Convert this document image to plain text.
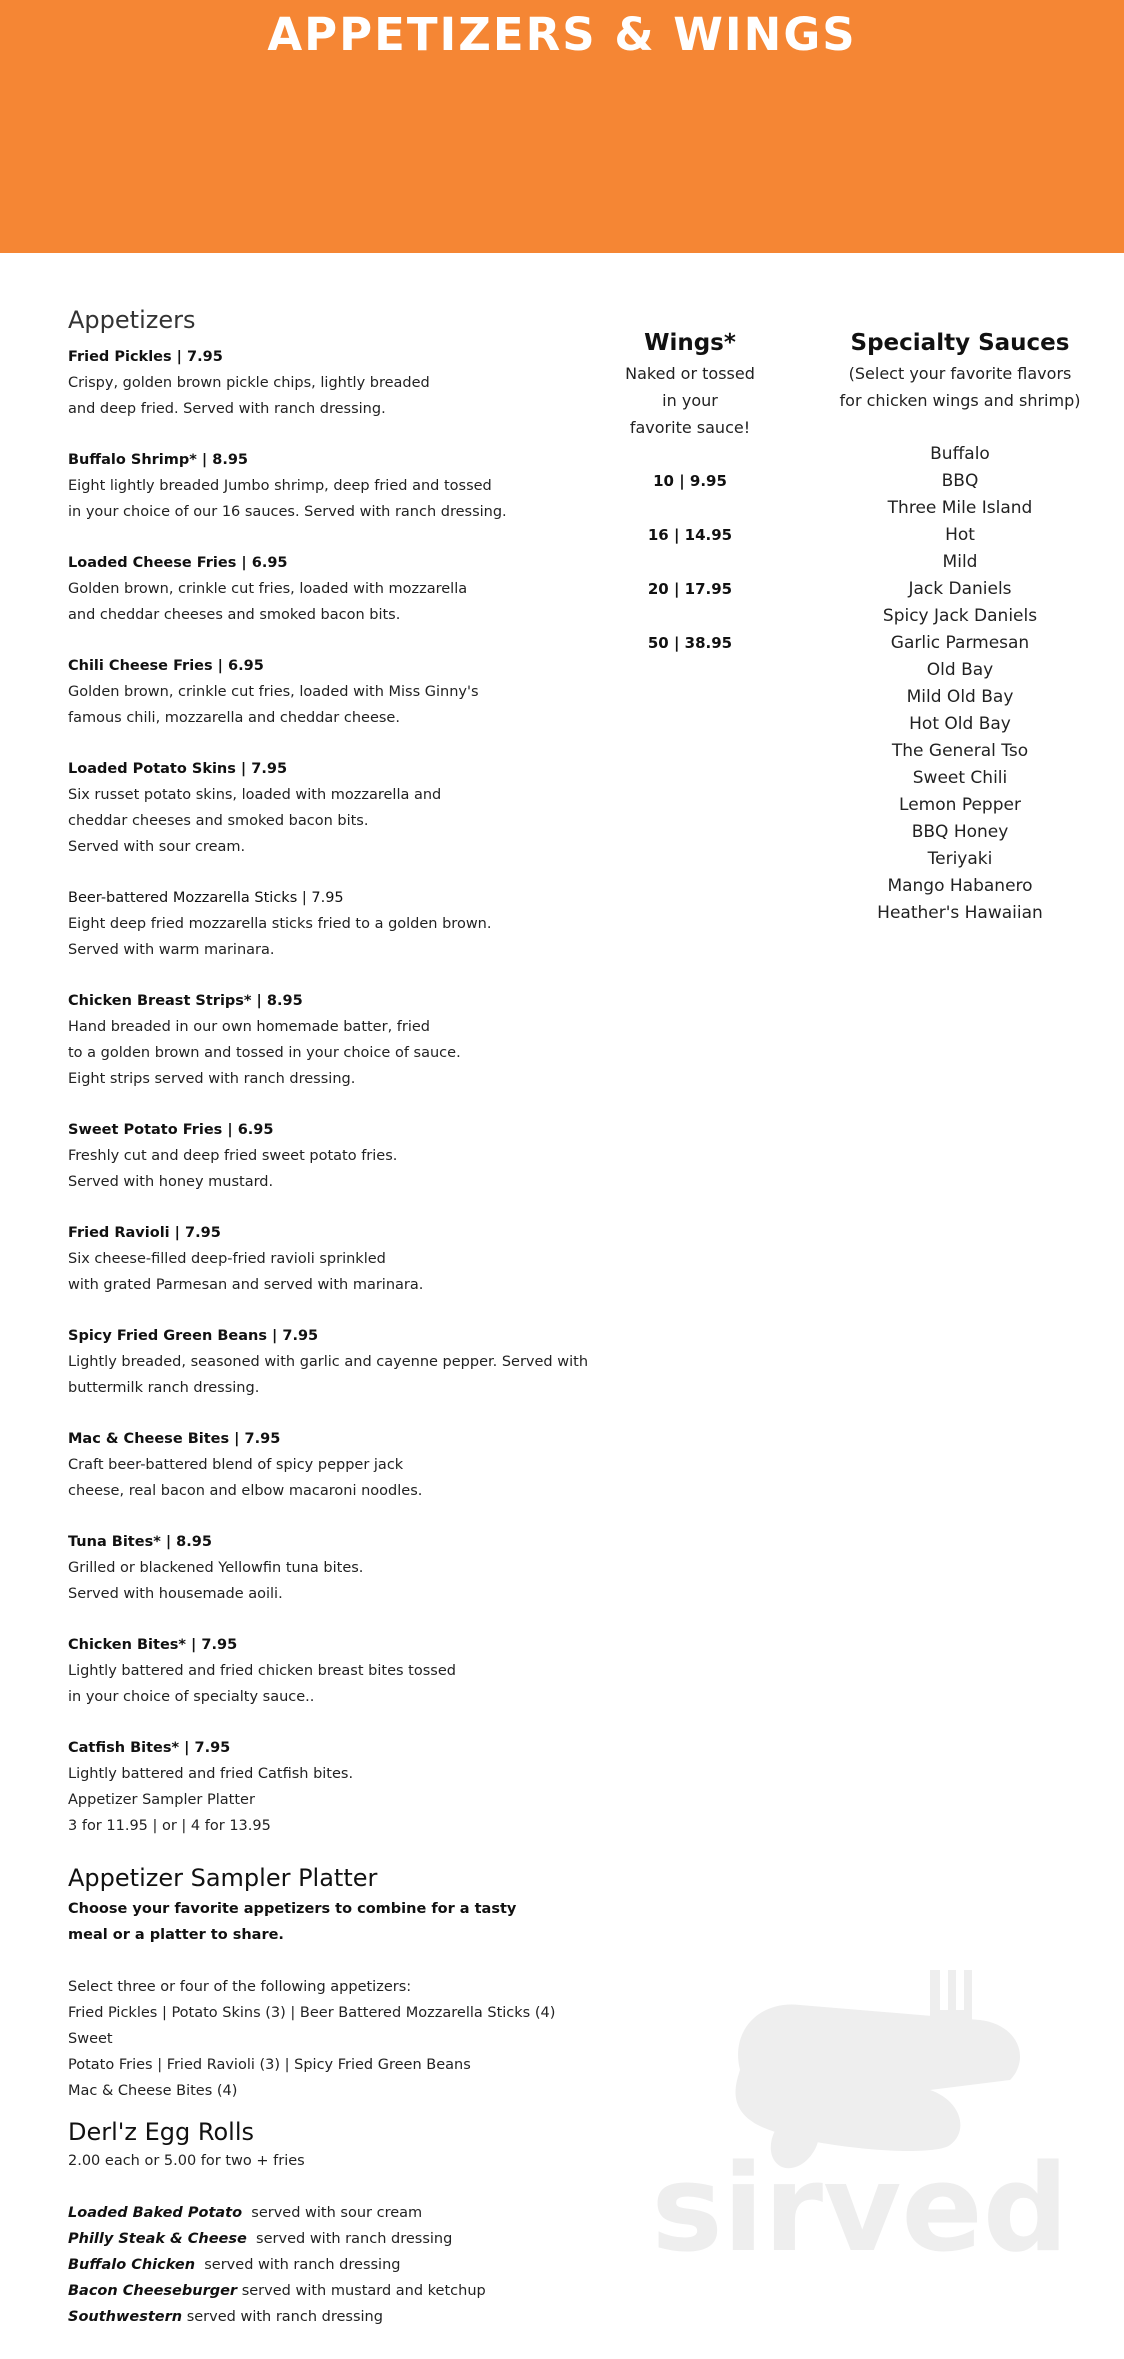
APPETIZERS & WINGS
Appetizers
Fried Pickles | 7.95
Crispy, golden brown pickle chips, lightly breaded
and deep fried. Served with ranch dressing.
Buffalo Shrimp* | 8.95
Eight lightly breaded Jumbo shrimp, deep fried and tossed
in your choice of our 16 sauces. Served with ranch dressing.
Loaded Cheese Fries | 6.95
Golden brown, crinkle cut fries, loaded with mozzarella
and cheddar cheeses and smoked bacon bits.
Chili Cheese Fries | 6.95
Golden brown, crinkle cut fries, loaded with Miss Ginny's
famous chili, mozzarella and cheddar cheese.
Loaded Potato Skins | 7.95
Six russet potato skins, loaded with mozzarella and
cheddar cheeses and smoked bacon bits.
Served with sour cream.
Beer-battered Mozzarella Sticks | 7.95
Eight deep fried mozzarella sticks fried to a golden brown.
Served with warm marinara.
Chicken Breast Strips* | 8.95
Hand breaded in our own homemade batter, fried
to a golden brown and tossed in your choice of sauce.
Eight strips served with ranch dressing.
Sweet Potato Fries | 6.95
Freshly cut and deep fried sweet potato fries.
Served with honey mustard.
Fried Ravioli | 7.95
Six cheese-filled deep-fried ravioli sprinkled
with grated Parmesan and served with marinara.
Spicy Fried Green Beans | 7.95
Lightly breaded, seasoned with garlic and cayenne pepper. Served with
buttermilk ranch dressing.
Mac & Cheese Bites | 7.95
Craft beer-battered blend of spicy pepper jack
cheese, real bacon and elbow macaroni noodles.
Tuna Bites* | 8.95
Grilled or blackened Yellowfin tuna bites.
Served with housemade aoili.
Chicken Bites* | 7.95
Lightly battered and fried chicken breast bites tossed
in your choice of specialty sauce..
Catfish Bites* | 7.95
Lightly battered and fried Catfish bites.
Appetizer Sampler Platter
3 for 11.95 | or | 4 for 13.95
Appetizer Sampler Platter
Choose your favorite appetizers to combine for a tasty
meal or a platter to share.
Select three or four of the following appetizers:
Fried Pickles | Potato Skins (3) | Beer Battered Mozzarella Sticks (4) Sweet
Potato Fries | Fried Ravioli (3) | Spicy Fried Green Beans
Mac & Cheese Bites (4)
Derl'z Egg Rolls
2.00 each or 5.00 for two + fries
Loaded Baked Potato  served with sour cream
Philly Steak & Cheese  served with ranch dressing
Buffalo Chicken  served with ranch dressing
Bacon Cheeseburger served with mustard and ketchup
Southwestern served with ranch dressing
Wings*
Naked or tossed
in your
favorite sauce!
10 | 9.95
16 | 14.95
20 | 17.95
50 | 38.95
Specialty Sauces
(Select your favorite flavors
for chicken wings and shrimp)
Buffalo
BBQ
Three Mile Island
Hot
Mild
Jack Daniels
Spicy Jack Daniels
Garlic Parmesan
Old Bay
Mild Old Bay
Hot Old Bay
The General Tso
Sweet Chili
Lemon Pepper
BBQ Honey
Teriyaki
Mango Habanero
Heather's Hawaiian
sirved
